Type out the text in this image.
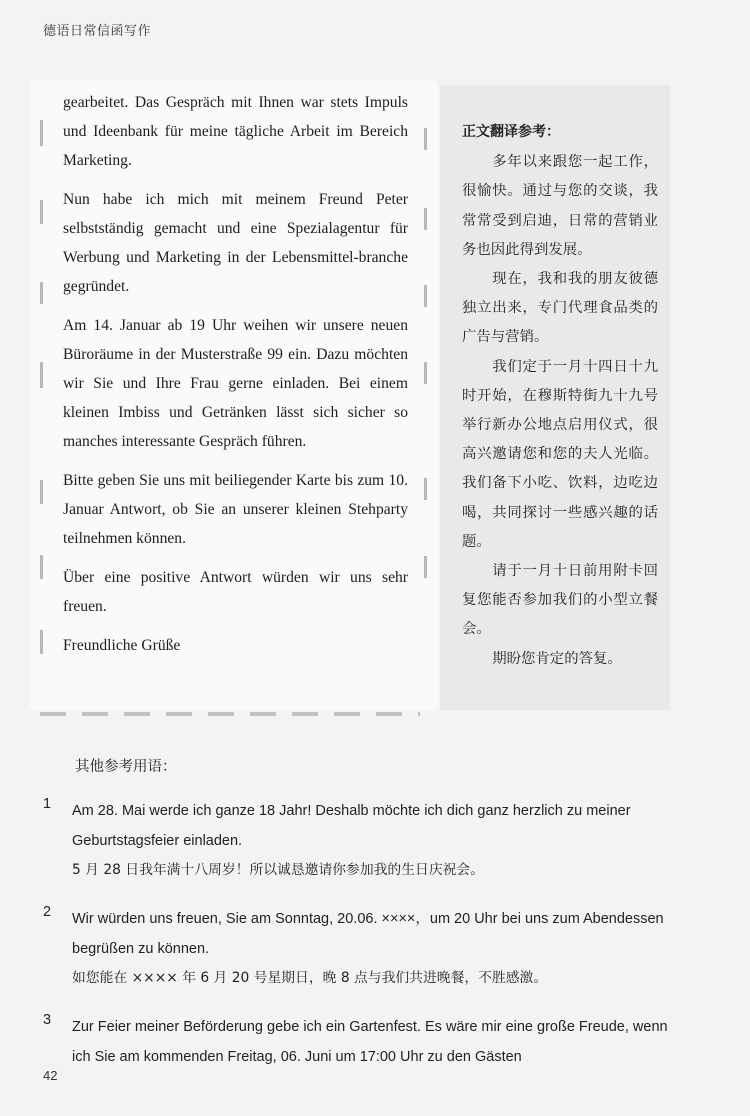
德语日常信函写作

gearbeitet. Das Gespräch mit Ihnen war stets Impuls und Ideenbank für meine tägliche Arbeit im Bereich Marketing.

Nun habe ich mich mit meinem Freund Peter selbstständig gemacht und eine Spezialagentur für Werbung und Marketing in der Lebensmittel-branche gegründet.

Am 14. Januar ab 19 Uhr weihen wir unsere neuen Büroräume in der Musterstraße 99 ein. Dazu möchten wir Sie und Ihre Frau gerne einladen. Bei einem kleinen Imbiss und Getränken lässt sich sicher so manches interessante Gespräch führen.

Bitte geben Sie uns mit beiliegender Karte bis zum 10. Januar Antwort, ob Sie an unserer kleinen Stehparty teilnehmen können.

Über eine positive Antwort würden wir uns sehr freuen.

Freundliche Grüße

正文翻译参考：

多年以来跟您一起工作，很愉快。通过与您的交谈，我常常受到启迪，日常的营销业务也因此得到发展。

现在，我和我的朋友彼德独立出来，专门代理食品类的广告与营销。

我们定于一月十四日十九时开始，在穆斯特街九十九号举行新办公地点启用仪式，很高兴邀请您和您的夫人光临。我们备下小吃、饮料，边吃边喝，共同探讨一些感兴趣的话题。

请于一月十日前用附卡回复您能否参加我们的小型立餐会。

期盼您肯定的答复。

其他参考用语：
1 Am 28. Mai werde ich ganze 18 Jahr! Deshalb möchte ich dich ganz herzlich zu meiner Geburtstagsfeier einladen.
5 月 28 日我年满十八周岁！所以诚恳邀请你参加我的生日庆祝会。
2 Wir würden uns freuen, Sie am Sonntag, 20.06. ××××，um 20 Uhr bei uns zum Abendessen begrüßen zu können.
如您能在 ×××× 年 6 月 20 号星期日，晚 8 点与我们共进晚餐，不胜感激。
3 Zur Feier meiner Beförderung gebe ich ein Gartenfest. Es wäre mir eine große Freude, wenn ich Sie am kommenden Freitag, 06. Juni um 17:00 Uhr zu den Gästen
42
